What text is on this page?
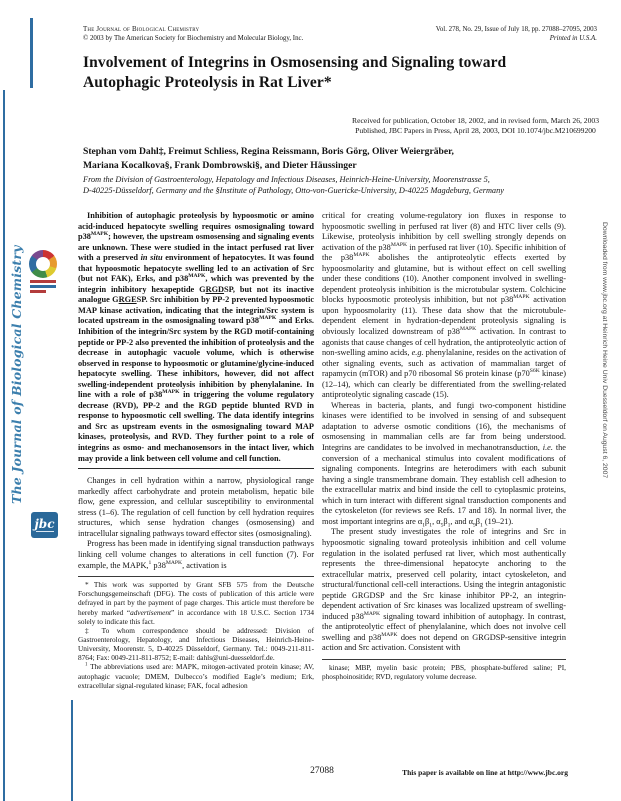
The Journal of Biological Chemistry
jbc
Downloaded from www.jbc.org at Heinrich Heine Univ Duesseldorf on August 6, 2007
The Journal of Biological Chemistry
© 2003 by The American Society for Biochemistry and Molecular Biology, Inc.
Vol. 278, No. 29, Issue of July 18, pp. 27088–27095, 2003
Printed in U.S.A.
Involvement of Integrins in Osmosensing and Signaling toward
Autophagic Proteolysis in Rat Liver*
Received for publication, October 18, 2002, and in revised form, March 26, 2003
Published, JBC Papers in Press, April 28, 2003, DOI 10.1074/jbc.M210699200
Stephan vom Dahl‡, Freimut Schliess, Regina Reissmann, Boris Görg, Oliver Weiergräber,
Mariana Kocalkova§, Frank Dombrowski§, and Dieter Häussinger
From the Division of Gastroenterology, Hepatology and Infectious Diseases, Heinrich-Heine-University, Moorenstrasse 5,
D-40225-Düsseldorf, Germany and the §Institute of Pathology, Otto-von-Guericke-University, D-40225 Magdeburg, Germany

Inhibition of autophagic proteolysis by hypoosmotic or amino acid-induced hepatocyte swelling requires osmosignaling toward $p38^{MAPK}$; however, the upstream osmosensing and signaling events are unknown. These were studied in the intact perfused rat liver with a preserved in situ environment of hepatocytes. It was found that hypoosmotic hepatocyte swelling led to an activation of Src (but not FAK), Erks, and $p38^{MAPK}$, which was prevented by the integrin inhibitory hexapeptide GRGDSP, but not its inactive analogue GRGESP. Src inhibition by PP-2 prevented hypoosmotic MAP kinase activation, indicating that the integrin/Src system is located upstream in the osmosignaling toward $p38^{MAPK}$ and Erks. Inhibition of the integrin/Src system by the RGD motif-containing peptide or PP-2 also prevented the inhibition of proteolysis and the decrease in autophagic vacuole volume, which is otherwise observed in response to hypoosmotic or glutamine/glycine-induced hepatocyte swelling. These inhibitors, however, did not affect swelling-independent proteolysis inhibition by phenylalanine. In line with a role of $p38^{MAPK}$ in triggering the volume regulatory decrease (RVD), PP-2 and the RGD peptide blunted RVD in response to hypoosmotic cell swelling. The data identify integrins and Src as upstream events in the osmosignaling toward MAP kinases, proteolysis, and RVD. They further point to a role of integrins as osmo- and mechanosensors in the intact liver, which may provide a link between cell volume and cell function.

Changes in cell hydration within a narrow, physiological range markedly affect carbohydrate and protein metabolism, hepatic bile flow, gene expression, and cellular susceptibility to environmental stress (1–6). The regulation of cell function by cell hydration requires structures, which sense hydration changes (osmosensing) and intracellular signaling pathways toward effector sites (osmosignaling).

Progress has been made in identifying signal transduction pathways linking cell volume changes to alterations in cell function (7). For example, the MAPK,$^1$ $p38^{MAPK}$, activation is

* This work was supported by Grant SFB 575 from the Deutsche Forschungsgemeinschaft (DFG). The costs of publication of this article were defrayed in part by the payment of page charges. This article must therefore be hereby marked “advertisement” in accordance with 18 U.S.C. Section 1734 solely to indicate this fact.

‡ To whom correspondence should be addressed: Division of Gastroenterology, Hepatology, and Infectious Diseases, Heinrich-Heine-University, Moorenstr. 5, D-40225 Düsseldorf, Germany. Tel.: 0049-211-811-8764; Fax: 0049-211-811-8752; E-mail: dahls@uni-duesseldorf.de.

$^1$ The abbreviations used are: MAPK, mitogen-activated protein kinase; AV, autophagic vacuole; DMEM, Dulbecco’s modified Eagle’s medium; Erk, extracellular signal-regulated kinase; FAK, focal adhesion

critical for creating volume-regulatory ion fluxes in response to hypoosmotic swelling in perfused rat liver (8) and HTC liver cells (9). Likewise, proteolysis inhibition by cell swelling strongly depends on activation of the $p38^{MAPK}$ in perfused rat liver (10). Specific inhibition of the $p38^{MAPK}$ abolishes the antiproteolytic effects exerted by hypoosmolarity and glutamine, but is without effect on cell swelling under these conditions (10). Another component involved in swelling-dependent proteolysis inhibition is the microtubular system. Colchicine blocks hypoosmotic proteolysis inhibition, but not $p38^{MAPK}$ activation upon hypoosmolarity (11). These data show that the microtubule-dependent element in hydration-dependent proteolysis signaling is obviously localized downstream of $p38^{MAPK}$ activation. In contrast to agonists that cause changes of cell hydration, the antiproteolytic action of non-swelling amino acids, e.g. phenylalanine, resides on the activation of other signaling events, such as activation of mammalian target of rapamycin (mTOR) and p70 ribosomal S6 protein kinase ($p70^{S6K}$ kinase) (12–14), which can clearly be differentiated from the swelling-related antiproteolytic signaling cascade (15).

Whereas in bacteria, plants, and fungi two-component histidine kinases were identified to be involved in sensing of and subsequent adaptation to adverse osmotic conditions (16), the mechanisms of osmosensing in mammalian cells are far from being understood. Integrins are candidates to be involved in mechanotransduction, i.e. the conversion of a mechanical stimulus into covalent modifications of signaling components. Integrins are heterodimers with each subunit having a single transmembrane domain. They establish cell adhesion to the extracellular matrix and bind inside the cell to cytoplasmic proteins, which in turn interact with different signal transduction components and the cytoskeleton (for reviews see Refs. 17 and 18). In normal liver, the most important integrins are $\alpha_1\beta_1$, $\alpha_5\beta_1$, and $\alpha_9\beta_1$ (19–21).

The present study investigates the role of integrins and Src in hypoosmotic signaling toward proteolysis inhibition and cell volume regulation in the isolated perfused rat liver, which most authentically represents the three-dimensional hepatocyte anchoring to the extracellular matrix, preserved cell polarity, intact cytoskeleton, and structural/functional cell-cell interactions. Using the integrin antagonistic peptide GRGDSP and the Src kinase inhibitor PP-2, an integrin-dependent activation of Src kinases was localized upstream of swelling-induced $p38^{MAPK}$ signaling toward inhibition of autophagy. In contrast, the antiproteolytic effect of phenylalanine, which does not involve cell swelling and $p38^{MAPK}$ does not depend on GRGDSP-sensitive integrin action and Src activation. Consistent with

kinase; MBP, myelin basic protein; PBS, phosphate-buffered saline; PI, phosphoinositide; RVD, regulatory volume decrease.

27088	This paper is available on line at http://www.jbc.org
